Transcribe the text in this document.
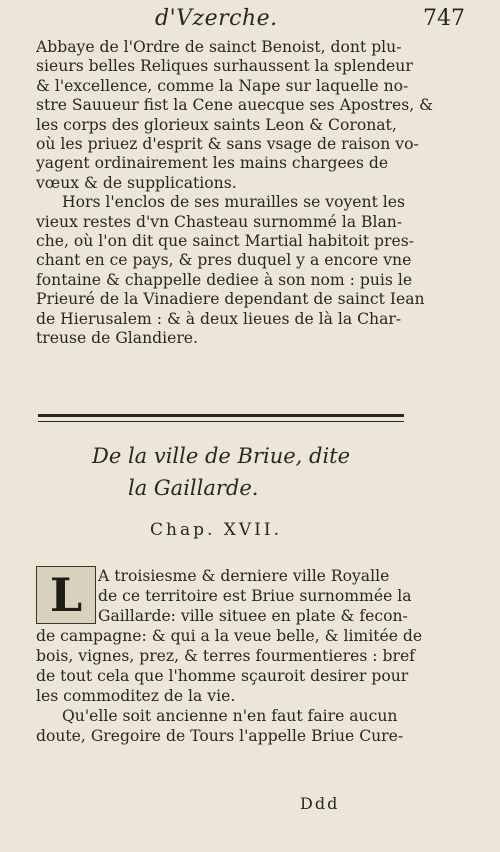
d'Vzerche.	747

Abbaye de l'Ordre de sainct Benoist, dont plu-
sieurs belles Reliques surhaussent la splendeur
& l'excellence, comme la Nape sur laquelle no-
stre Sauueur fist la Cene auecque ses Apostres, &
les corps des glorieux saints Leon & Coronat,
où les priuez d'esprit & sans vsage de raison vo-
yagent ordinairement les mains chargees de
vœux & de supplications.

Hors l'enclos de ses murailles se voyent les
vieux restes d'vn Chasteau surnommé la Blan-
che, où l'on dit que sainct Martial habitoit pres-
chant en ce pays, & pres duquel y a encore vne
fontaine & chappelle dediee à son nom : puis le
Prieuré de la Vinadiere dependant de sainct Iean
de Hierusalem : & à deux lieues de là la Char-
treuse de Glandiere.

De la ville de Briue, dite
la Gaillarde.
Chap. XVII.
L	A troisiesme & derniere ville Royalle
de ce territoire est Briue surnommée la
Gaillarde: ville situee en plate & fecon-
de campagne: & qui a la veue belle, & limitée de
bois, vignes, prez, & terres fourmentieres : bref
de tout cela que l'homme sçauroit desirer pour
les commoditez de la vie.
Qu'elle soit ancienne n'en faut faire aucun
doute, Gregoire de Tours l'appelle Briue Cure-
Ddd
